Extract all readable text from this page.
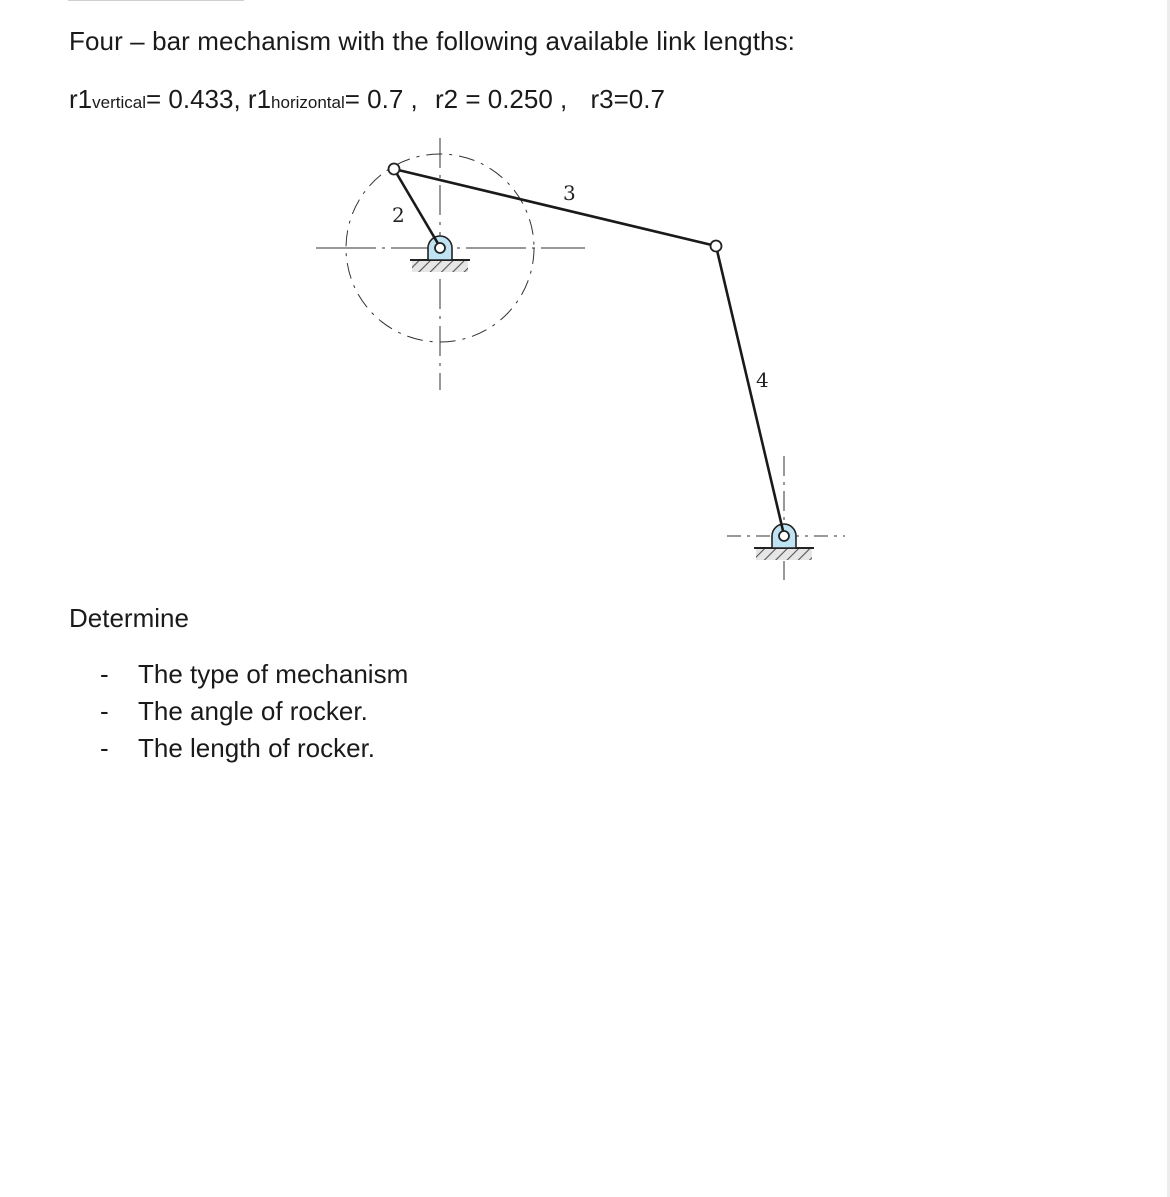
Four – bar mechanism with the following available link lengths:
r1vertical= 0.433, r1horizontal= 0.7 , r2 = 0.250 , r3=0.7
2
3
4
Determine
- The type of mechanism
- The angle of rocker.
- The length of rocker.
